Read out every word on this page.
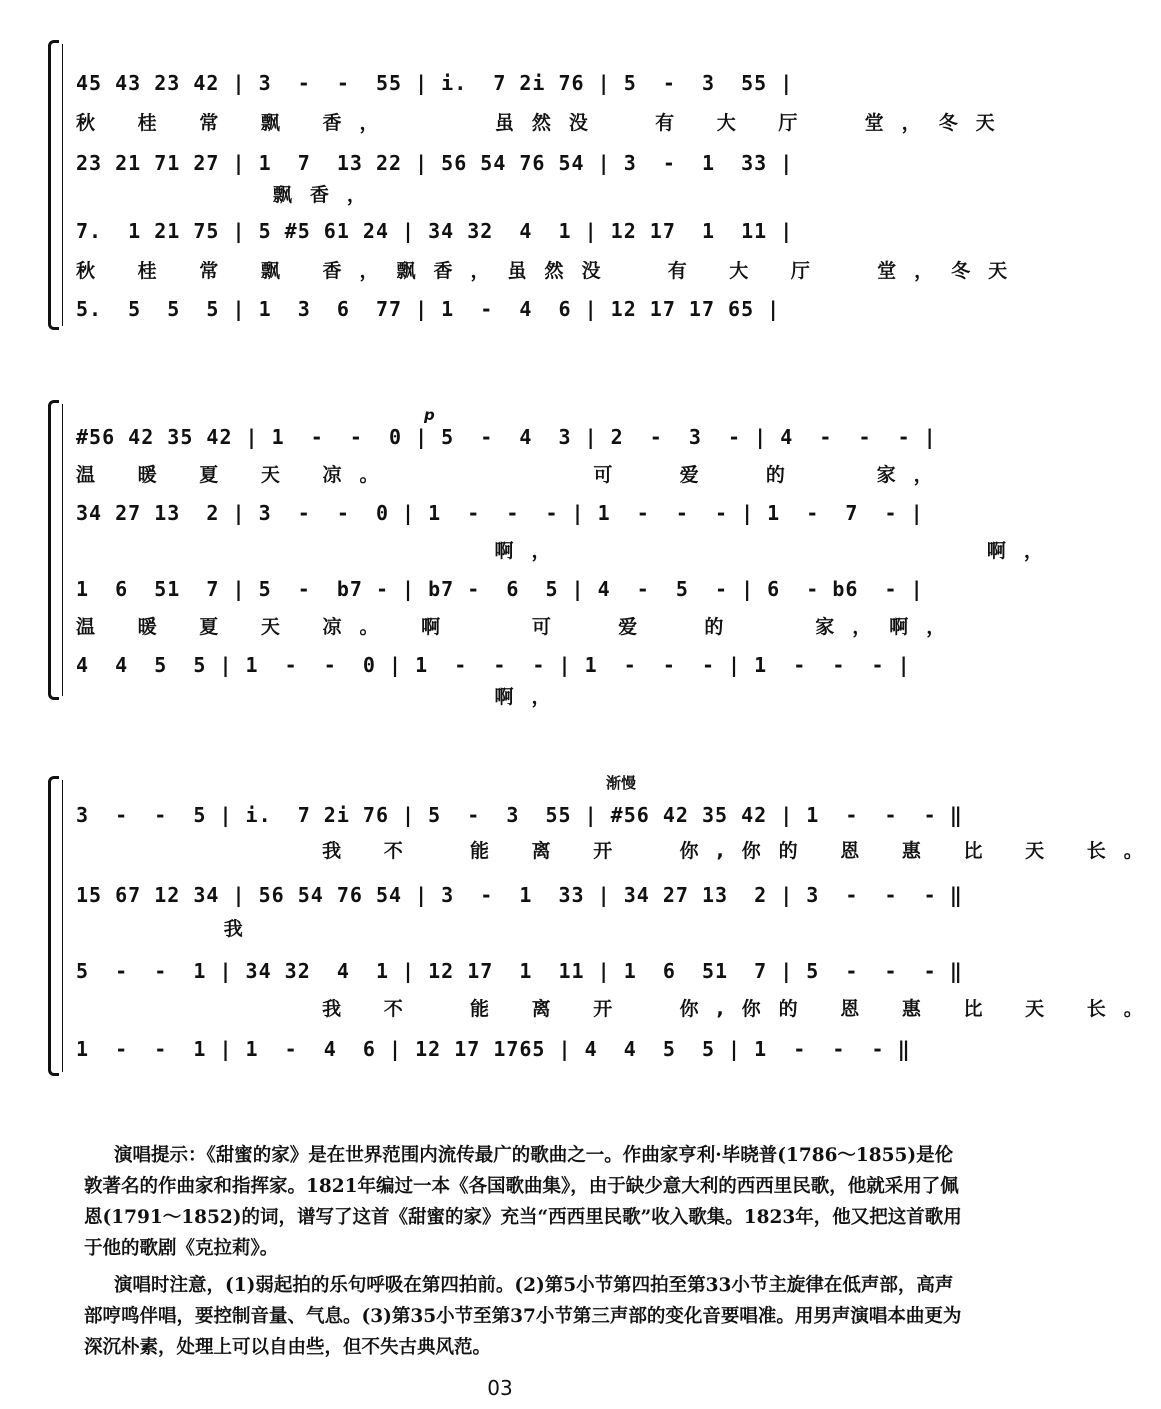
45 43 23 42 | 3  -  -  55 | i.  7 2i 76 | 5  -  3  55 |
秋 桂 常 飘 香，    虽然没  有 大 厅  堂，冬天
23 21 71 27 | 1  7  13 22 | 56 54 76 54 | 3  -  1  33 |
飘香，
7.  1 21 75 | 5 #5 61 24 | 34 32  4  1 | 12 17  1  11 |
秋 桂 常 飘 香，飘香，虽然没  有 大 厅  堂，冬天
5.  5  5  5 | 1  3  6  77 | 1  -  4  6 | 12 17 17 65 |
p
#56 42 35 42 | 1  -  -  0 | 5  -  4  3 | 2  -  3  - | 4  -  -  - |
温 暖 夏 天 凉。        可  爱  的   家，
34 27 13  2 | 3  -  -  0 | 1  -  -  - | 1  -  -  - | 1  -  7  - |
啊，                 啊，
1  6  51  7 | 5  -  b7 - | b7 -  6  5 | 4  -  5  - | 6  - b6  - |
温 暖 夏 天 凉。 啊   可  爱  的   家，啊，
4  4  5  5 | 1  -  -  0 | 1  -  -  - | 1  -  -  - | 1  -  -  - |
啊，
渐慢
3  -  -  5 | i.  7 2i 76 | 5  -  3  55 | #56 42 35 42 | 1  -  -  - ‖
我 不  能 离 开  你,你的 恩 惠 比 天 长。
15 67 12 34 | 56 54 76 54 | 3  -  1  33 | 34 27 13  2 | 3  -  -  - ‖
我
5  -  -  1 | 34 32  4  1 | 12 17  1  11 | 1  6  51  7 | 5  -  -  - ‖
我 不  能 离 开  你,你的 恩 惠 比 天 长。
1  -  -  1 | 1  -  4  6 | 12 17 1765 | 4  4  5  5 | 1  -  -  - ‖

演唱提示：《甜蜜的家》是在世界范围内流传最广的歌曲之一。作曲家亨利·毕晓普(1786～1855)是伦敦著名的作曲家和指挥家。1821年编过一本《各国歌曲集》，由于缺少意大利的西西里民歌，他就采用了佩恩(1791～1852)的词，谱写了这首《甜蜜的家》充当“西西里民歌”收入歌集。1823年，他又把这首歌用于他的歌剧《克拉莉》。

演唱时注意，(1)弱起拍的乐句呼吸在第四拍前。(2)第5小节第四拍至第33小节主旋律在低声部，高声部哼鸣伴唱，要控制音量、气息。(3)第35小节至第37小节第三声部的变化音要唱准。用男声演唱本曲更为深沉朴素，处理上可以自由些，但不失古典风范。

03
